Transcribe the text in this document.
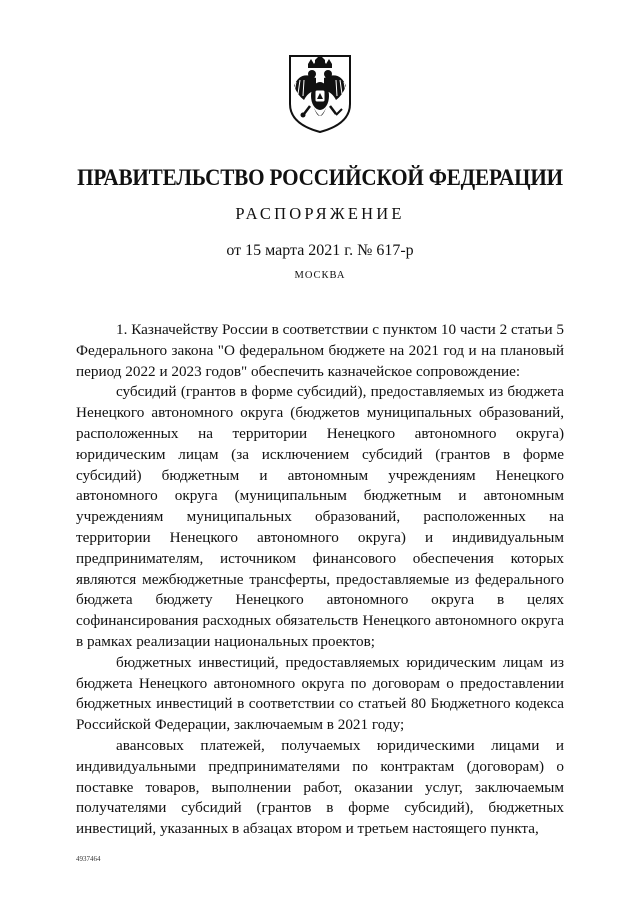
ПРАВИТЕЛЬСТВО РОССИЙСКОЙ ФЕДЕРАЦИИ
РАСПОРЯЖЕНИЕ
от 15 марта 2021 г. № 617-р
МОСКВА

1. Казначейству России в соответствии с пунктом 10 части 2 статьи 5 Федерального закона "О федеральном бюджете на 2021 год и на плановый период 2022 и 2023 годов" обеспечить казначейское сопровождение:

субсидий (грантов в форме субсидий), предоставляемых из бюджета Ненецкого автономного округа (бюджетов муниципальных образований, расположенных на территории Ненецкого автономного округа) юридическим лицам (за исключением субсидий (грантов в форме субсидий) бюджетным и автономным учреждениям Ненецкого автономного округа (муниципальным бюджетным и автономным учреждениям муниципальных образований, расположенных на территории Ненецкого автономного округа) и индивидуальным предпринимателям, источником финансового обеспечения которых являются межбюджетные трансферты, предоставляемые из федерального бюджета бюджету Ненецкого автономного округа в целях софинансирования расходных обязательств Ненецкого автономного округа в рамках реализации национальных проектов;

бюджетных инвестиций, предоставляемых юридическим лицам из бюджета Ненецкого автономного округа по договорам о предоставлении бюджетных инвестиций в соответствии со статьей 80 Бюджетного кодекса Российской Федерации, заключаемым в 2021 году;

авансовых платежей, получаемых юридическими лицами и индивидуальными предпринимателями по контрактам (договорам) о поставке товаров, выполнении работ, оказании услуг, заключаемым получателями субсидий (грантов в форме субсидий), бюджетных инвестиций, указанных в абзацах втором и третьем настоящего пункта,

4937464
